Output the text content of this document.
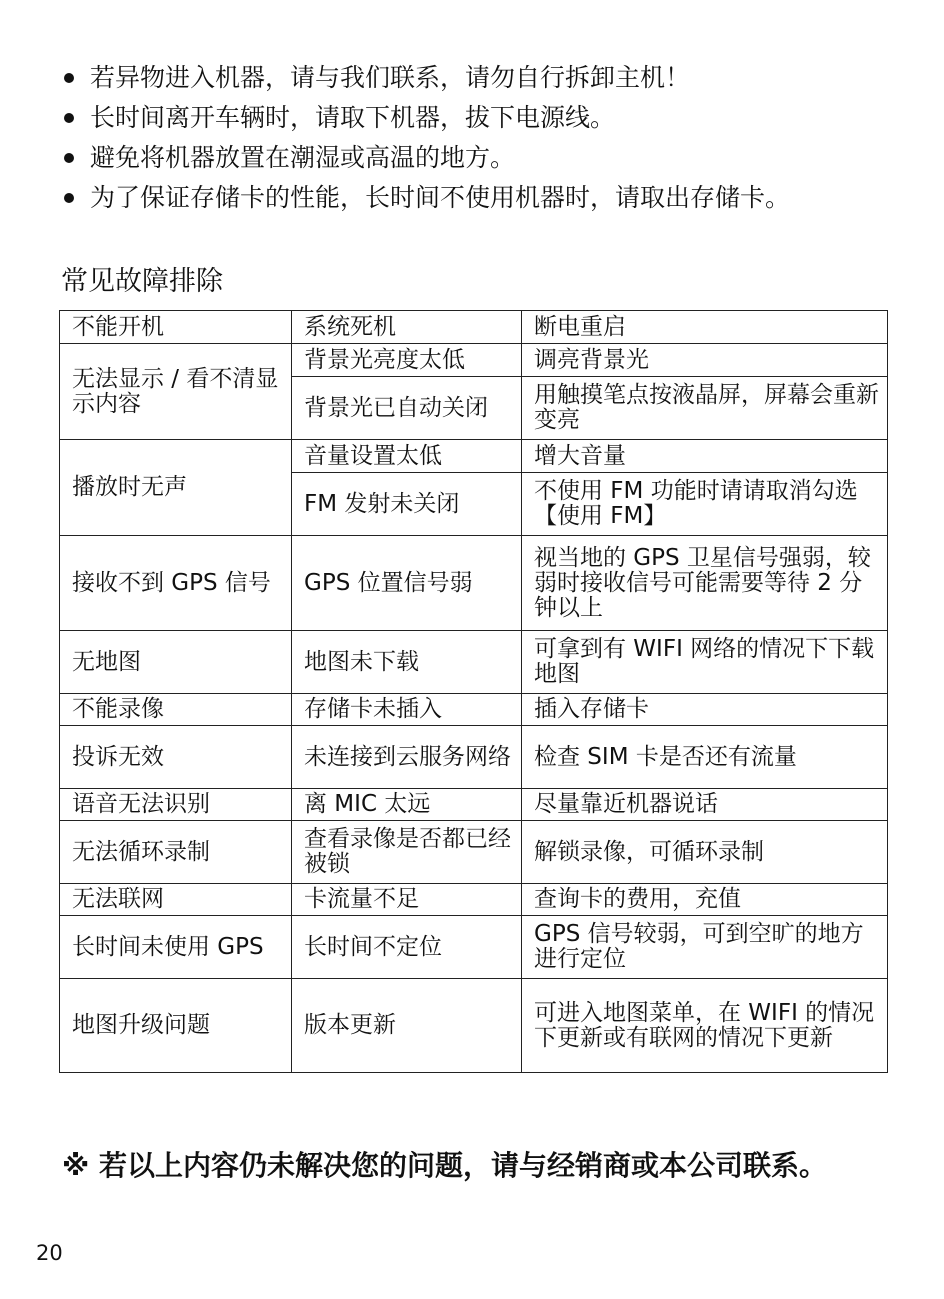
若异物进入机器，请与我们联系，请勿自行拆卸主机！
长时间离开车辆时，请取下机器，拔下电源线。
避免将机器放置在潮湿或高温的地方。
为了保证存储卡的性能，长时间不使用机器时，请取出存储卡。
常见故障排除
不能开机	系统死机	断电重启
无法显示 / 看不清显示内容	背景光亮度太低	调亮背景光
	背景光已自动关闭	用触摸笔点按液晶屏，屏幕会重新变亮
播放时无声	音量设置太低	增大音量
	FM 发射未关闭	不使用 FM 功能时请请取消勾选【使用 FM】
接收不到 GPS 信号	GPS 位置信号弱	视当地的 GPS 卫星信号强弱，较弱时接收信号可能需要等待 2 分钟以上
无地图	地图未下载	可拿到有 WIFI 网络的情况下下载地图
不能录像	存储卡未插入	插入存储卡
投诉无效	未连接到云服务网络	检查 SIM 卡是否还有流量
语音无法识别	离 MIC 太远	尽量靠近机器说话
无法循环录制	查看录像是否都已经被锁	解锁录像，可循环录制
无法联网	卡流量不足	查询卡的费用，充值
长时间未使用 GPS	长时间不定位	GPS 信号较弱，可到空旷的地方进行定位
地图升级问题	版本更新	可进入地图菜单，在 WIFI 的情况下更新或有联网的情况下更新
※ 若以上内容仍未解决您的问题，请与经销商或本公司联系。
20
